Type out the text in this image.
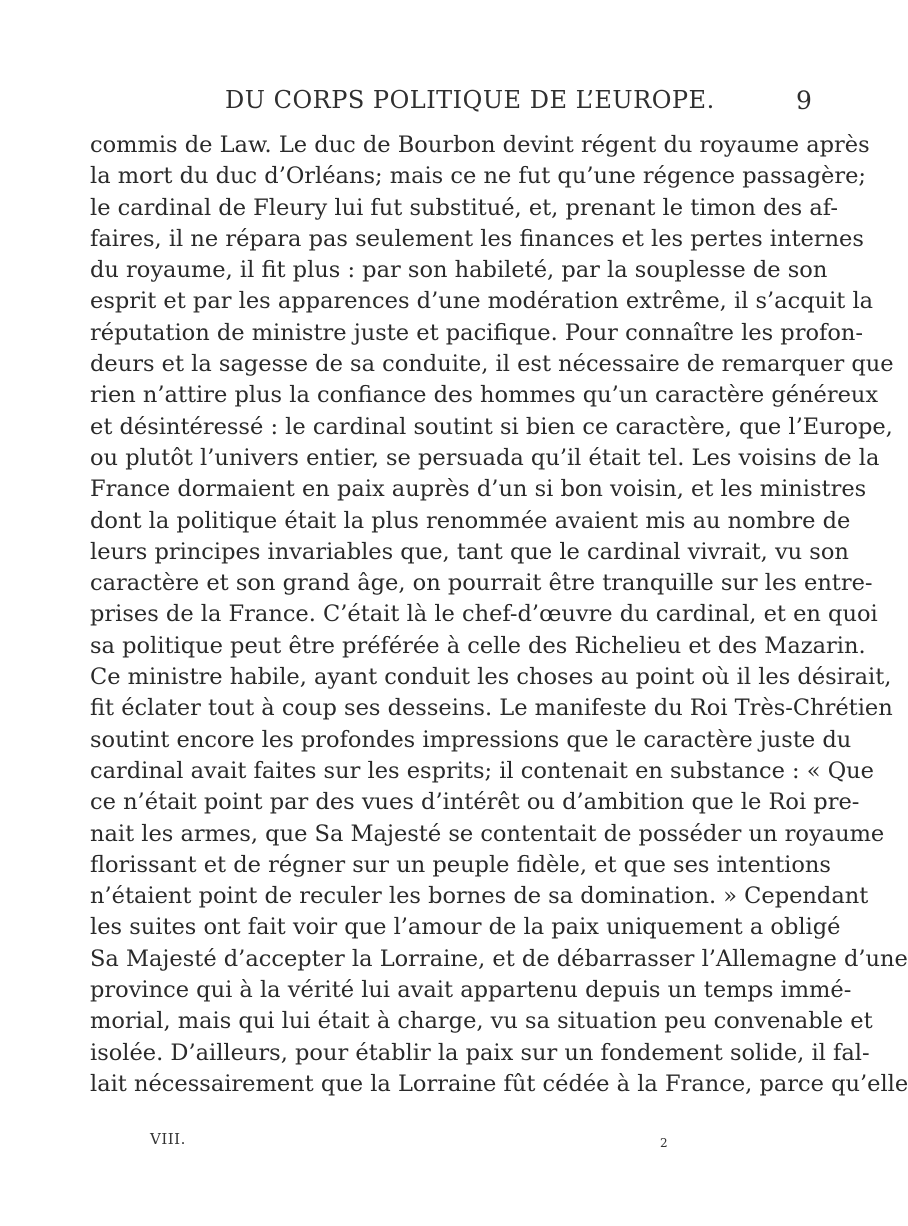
DU CORPS POLITIQUE DE L’EUROPE.	9
commis de Law. Le duc de Bourbon devint régent du royaume après
la mort du duc d’Orléans; mais ce ne fut qu’une régence passagère;
le cardinal de Fleury lui fut substitué, et, prenant le timon des af-
faires, il ne répara pas seulement les finances et les pertes internes
du royaume, il fit plus : par son habileté, par la souplesse de son
esprit et par les apparences d’une modération extrême, il s’acquit la
réputation de ministre juste et pacifique. Pour connaître les profon-
deurs et la sagesse de sa conduite, il est nécessaire de remarquer que
rien n’attire plus la confiance des hommes qu’un caractère généreux
et désintéressé : le cardinal soutint si bien ce caractère, que l’Europe,
ou plutôt l’univers entier, se persuada qu’il était tel. Les voisins de la
France dormaient en paix auprès d’un si bon voisin, et les ministres
dont la politique était la plus renommée avaient mis au nombre de
leurs principes invariables que, tant que le cardinal vivrait, vu son
caractère et son grand âge, on pourrait être tranquille sur les entre-
prises de la France. C’était là le chef-d’œuvre du cardinal, et en quoi
sa politique peut être préférée à celle des Richelieu et des Mazarin.
Ce ministre habile, ayant conduit les choses au point où il les désirait,
fit éclater tout à coup ses desseins. Le manifeste du Roi Très-Chrétien
soutint encore les profondes impressions que le caractère juste du
cardinal avait faites sur les esprits; il contenait en substance : « Que
ce n’était point par des vues d’intérêt ou d’ambition que le Roi pre-
nait les armes, que Sa Majesté se contentait de posséder un royaume
florissant et de régner sur un peuple fidèle, et que ses intentions
n’étaient point de reculer les bornes de sa domination. » Cependant
les suites ont fait voir que l’amour de la paix uniquement a obligé
Sa Majesté d’accepter la Lorraine, et de débarrasser l’Allemagne d’une
province qui à la vérité lui avait appartenu depuis un temps immé-
morial, mais qui lui était à charge, vu sa situation peu convenable et
isolée. D’ailleurs, pour établir la paix sur un fondement solide, il fal-
lait nécessairement que la Lorraine fût cédée à la France, parce qu’elle
VIII.	2
